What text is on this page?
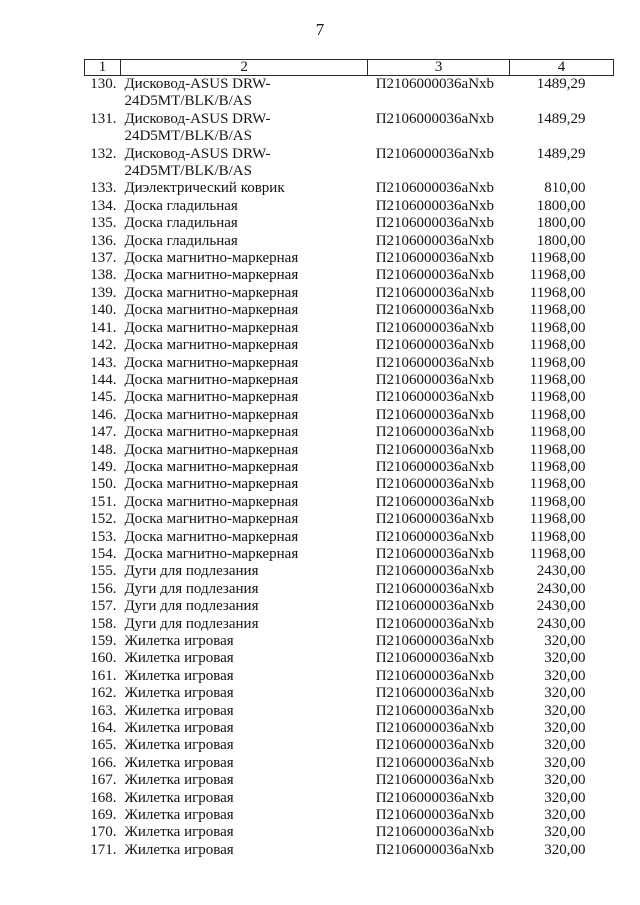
7
1	2	3	4
130.	Дисковод-ASUS DRW-24D5MT/BLK/B/AS	П2106000036aNxb	1489,29
131.	Дисковод-ASUS DRW-24D5MT/BLK/B/AS	П2106000036aNxb	1489,29
132.	Дисковод-ASUS DRW-24D5MT/BLK/B/AS	П2106000036aNxb	1489,29
133.	Диэлектрический коврик	П2106000036aNxb	810,00
134.	Доска гладильная	П2106000036aNxb	1800,00
135.	Доска гладильная	П2106000036aNxb	1800,00
136.	Доска гладильная	П2106000036aNxb	1800,00
137.	Доска магнитно-маркерная	П2106000036aNxb	11968,00
138.	Доска магнитно-маркерная	П2106000036aNxb	11968,00
139.	Доска магнитно-маркерная	П2106000036aNxb	11968,00
140.	Доска магнитно-маркерная	П2106000036aNxb	11968,00
141.	Доска магнитно-маркерная	П2106000036aNxb	11968,00
142.	Доска магнитно-маркерная	П2106000036aNxb	11968,00
143.	Доска магнитно-маркерная	П2106000036aNxb	11968,00
144.	Доска магнитно-маркерная	П2106000036aNxb	11968,00
145.	Доска магнитно-маркерная	П2106000036aNxb	11968,00
146.	Доска магнитно-маркерная	П2106000036aNxb	11968,00
147.	Доска магнитно-маркерная	П2106000036aNxb	11968,00
148.	Доска магнитно-маркерная	П2106000036aNxb	11968,00
149.	Доска магнитно-маркерная	П2106000036aNxb	11968,00
150.	Доска магнитно-маркерная	П2106000036aNxb	11968,00
151.	Доска магнитно-маркерная	П2106000036aNxb	11968,00
152.	Доска магнитно-маркерная	П2106000036aNxb	11968,00
153.	Доска магнитно-маркерная	П2106000036aNxb	11968,00
154.	Доска магнитно-маркерная	П2106000036aNxb	11968,00
155.	Дуги для подлезания	П2106000036aNxb	2430,00
156.	Дуги для подлезания	П2106000036aNxb	2430,00
157.	Дуги для подлезания	П2106000036aNxb	2430,00
158.	Дуги для подлезания	П2106000036aNxb	2430,00
159.	Жилетка игровая	П2106000036aNxb	320,00
160.	Жилетка игровая	П2106000036aNxb	320,00
161.	Жилетка игровая	П2106000036aNxb	320,00
162.	Жилетка игровая	П2106000036aNxb	320,00
163.	Жилетка игровая	П2106000036aNxb	320,00
164.	Жилетка игровая	П2106000036aNxb	320,00
165.	Жилетка игровая	П2106000036aNxb	320,00
166.	Жилетка игровая	П2106000036aNxb	320,00
167.	Жилетка игровая	П2106000036aNxb	320,00
168.	Жилетка игровая	П2106000036aNxb	320,00
169.	Жилетка игровая	П2106000036aNxb	320,00
170.	Жилетка игровая	П2106000036aNxb	320,00
171.	Жилетка игровая	П2106000036aNxb	320,00
